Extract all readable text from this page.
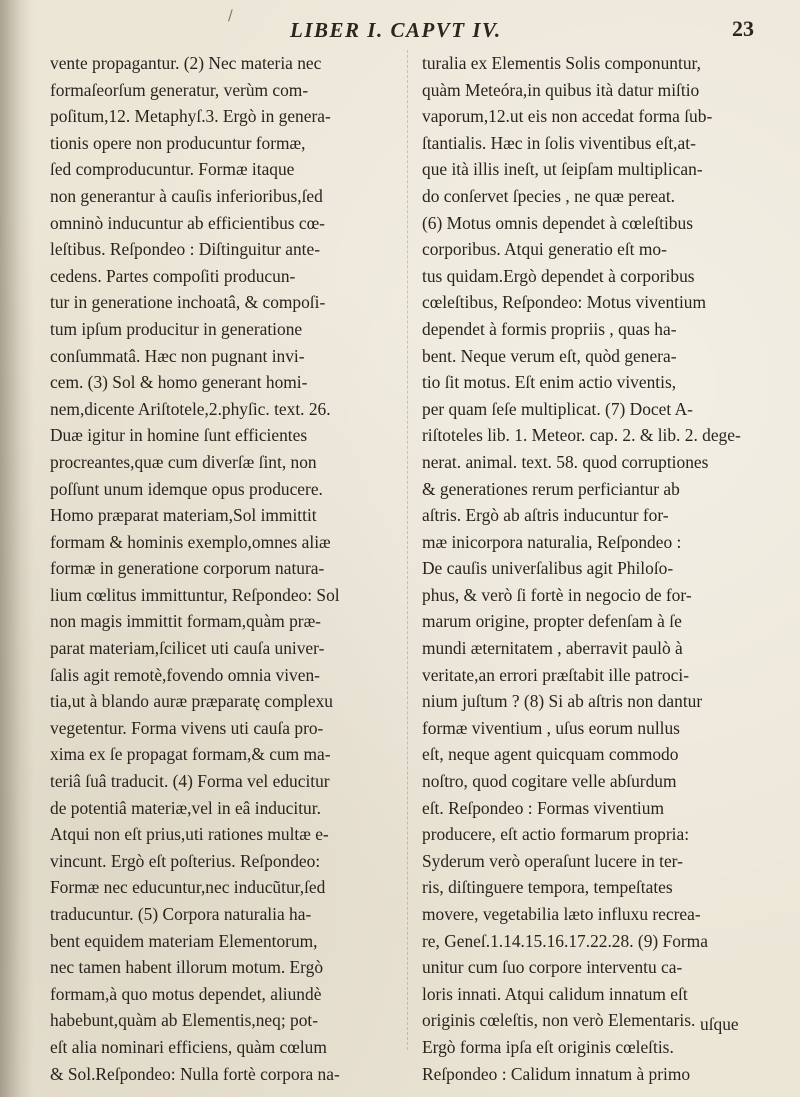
/
LIBER I. CAPVT IV.	23
vente propagantur. (2) Nec materia nec
formaſeorſum generatur, verùm com-
poſitum,12. Metaphyſ.3. Ergò in genera-
tionis opere non producuntur formæ,
ſed comproducuntur. Formæ itaque
non generantur à cauſis inferioribus,ſed
omninò inducuntur ab efficientibus cœ-
leſtibus. Reſpondeo : Diſtinguitur ante-
cedens. Partes compoſiti producun-
tur in generatione inchoatâ, & compoſi-
tum ipſum producitur in generatione
conſummatâ. Hæc non pugnant invi-
cem. (3) Sol & homo generant homi-
nem,dicente Ariſtotele,2.phyſic. text. 26.
Duæ igitur in homine ſunt efficientes
procreantes,quæ cum diverſæ ſint, non
poſſunt unum idemque opus producere.
Homo præparat materiam,Sol immittit
formam & hominis exemplo,omnes aliæ
formæ in generatione corporum natura-
lium cœlitus immittuntur, Reſpondeo: Sol
non magis immittit formam,quàm præ-
parat materiam,ſcilicet uti cauſa univer-
ſalis agit remotè,fovendo omnia viven-
tia,ut à blando auræ præparatę complexu
vegetentur. Forma vivens uti cauſa pro-
xima ex ſe propagat formam,& cum ma-
teriâ ſuâ traducit. (4) Forma vel educitur
de potentiâ materiæ,vel in eâ inducitur.
Atqui non eſt prius,uti rationes multæ e-
vincunt. Ergò eſt poſterius. Reſpondeo:
Formæ nec educuntur,nec inducũtur,ſed
traducuntur. (5) Corpora naturalia ha-
bent equidem materiam Elementorum,
nec tamen habent illorum motum. Ergò
formam,à quo motus dependet, aliundè
habebunt,quàm ab Elementis,neq; pot-
eſt alia nominari efficiens, quàm cœlum
& Sol.Reſpondeo: Nulla fortè corpora na-
turalia ex Elementis Solis componuntur,
quàm Meteóra,in quibus ità datur miſtio
vaporum,12.ut eis non accedat forma ſub-
ſtantialis. Hæc in ſolis viventibus eſt,at-
que ità illis ineſt, ut ſeipſam multiplican-
do conſervet ſpecies , ne quæ pereat.
(6) Motus omnis dependet à cœleſtibus
corporibus. Atqui generatio eſt mo-
tus quidam.Ergò dependet à corporibus
cœleſtibus, Reſpondeo: Motus viventium
dependet à formis propriis , quas ha-
bent. Neque verum eſt, quòd genera-
tio ſit motus. Eſt enim actio viventis,
per quam ſeſe multiplicat. (7) Docet A-
riſtoteles lib. 1. Meteor. cap. 2. & lib. 2. dege-
nerat. animal. text. 58. quod corruptiones
& generationes rerum perficiantur ab
aſtris. Ergò ab aſtris inducuntur for-
mæ inicorpora naturalia, Reſpondeo :
De cauſis univerſalibus agit Philoſo-
phus, & verò ſi fortè in negocio de for-
marum origine, propter defenſam à ſe
mundi æternitatem , aberravit paulò à
veritate,an errori præſtabit ille patroci-
nium juſtum ? (8) Si ab aſtris non dantur
formæ viventium , uſus eorum nullus
eſt, neque agent quicquam commodo
noſtro, quod cogitare velle abſurdum
eſt. Reſpondeo : Formas viventium
producere, eſt actio formarum propria:
Syderum verò operaſunt lucere in ter-
ris, diſtinguere tempora, tempeſtates
movere, vegetabilia læto influxu recrea-
re, Geneſ.1.14.15.16.17.22.28. (9) Forma
unitur cum ſuo corpore interventu ca-
loris innati. Atqui calidum innatum eſt
originis cœleſtis, non verò Elementaris.
Ergò forma ipſa eſt originis cœleſtis.
Reſpondeo : Calidum innatum à primo
uſque
